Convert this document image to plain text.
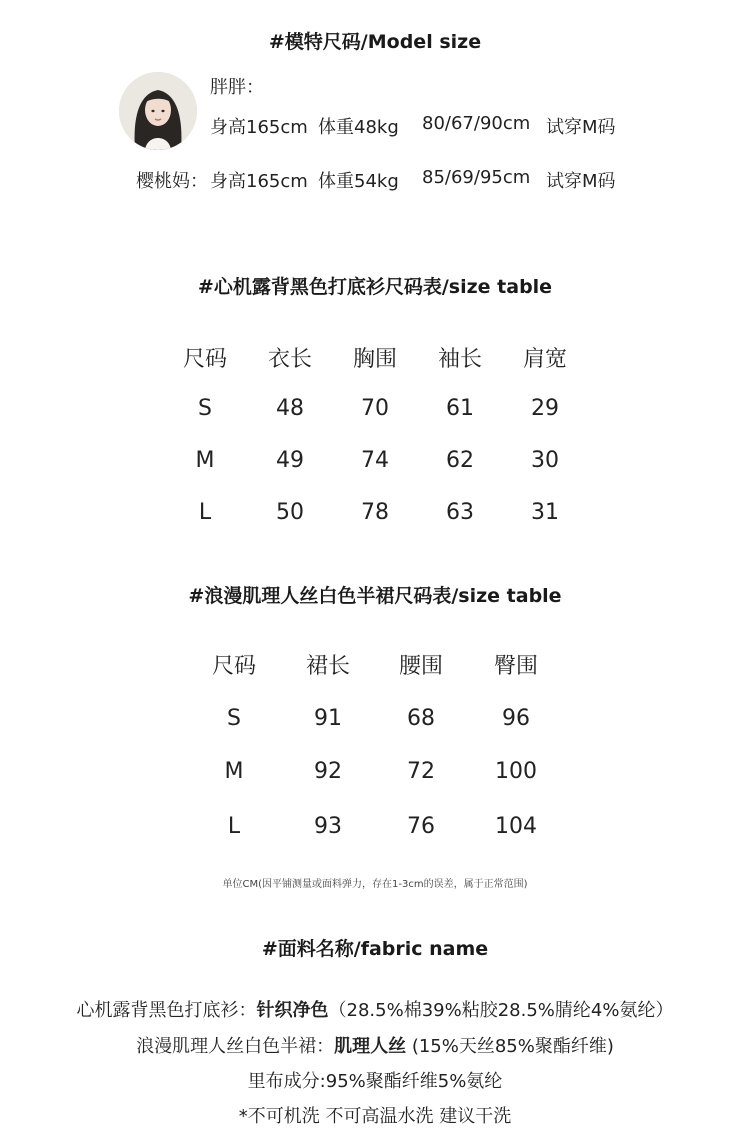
#模特尺码/Model size
胖胖：
身高165cm 体重48kg 80/67/90cm 试穿M码
樱桃妈： 身高165cm 体重54kg 85/69/95cm 试穿M码
#心机露背黑色打底衫尺码表/size table
尺码	衣长	胸围	袖长	肩宽
S	48	70	61	29
M	49	74	62	30
L	50	78	63	31
#浪漫肌理人丝白色半裙尺码表/size table
尺码	裙长	腰围	臀围
S	91	68	96
M	92	72	100
L	93	76	104
单位CM(因平铺测量或面料弹力，存在1-3cm的误差，属于正常范围)
#面料名称/fabric name
心机露背黑色打底衫：针织净色（28.5%棉39%粘胶28.5%腈纶4%氨纶）
浪漫肌理人丝白色半裙：肌理人丝 (15%天丝85%聚酯纤维)
里布成分:95%聚酯纤维5%氨纶
*不可机洗 不可高温水洗 建议干洗
